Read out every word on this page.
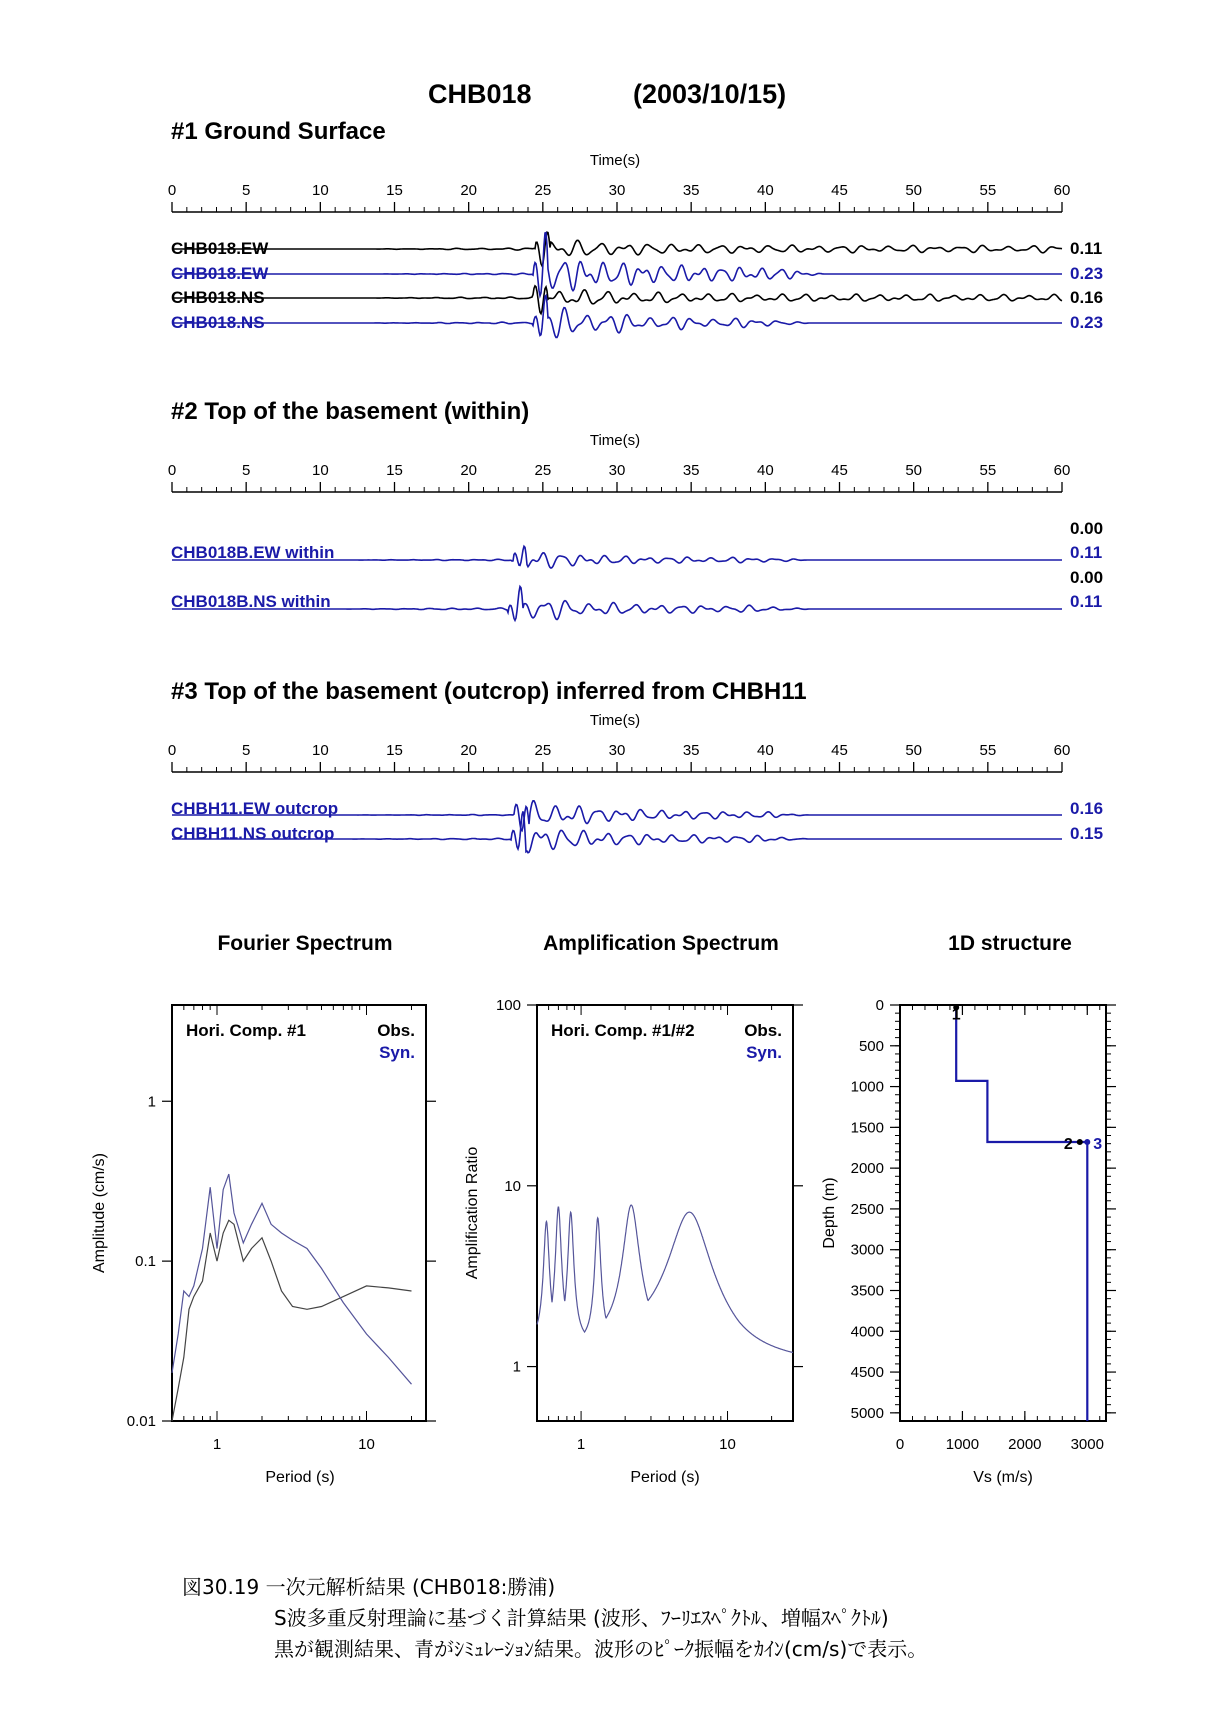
CHB018	(2003/10/15)
#1 Ground Surface
#2 Top of the basement (within)
#3 Top of the basement (outcrop) inferred from CHBH11
Time(s)
0	5	10	15	20	25	30	35	40	45	50	55	60
Time(s)
0	5	10	15	20	25	30	35	40	45	50	55	60
Time(s)
0	5	10	15	20	25	30	35	40	45	50	55	60
CHB018.EW
CHB018.EW
CHB018.NS
CHB018.NS
0.11
0.23
0.16
0.23
CHB018B.EW within
CHB018B.NS within
0.00
0.11
0.00
0.11
CHBH11.EW outcrop
CHBH11.NS outcrop
0.16
0.15
Fourier Spectrum	Amplification Spectrum	1D structure
1	10
0.01
0.1
1
Hori. Comp. #1	Obs.
Syn.
Period (s)
Amplitude (cm/s)
1	10
1
10
100
Hori. Comp. #1/#2	Obs.
Syn.
Period (s)
Amplification Ratio
0	1000 2000 3000
0
500
1000
1500
2000
2500
3000
3500
4000
4500
5000
1
2 3
Vs (m/s)
Depth (m)
図30.19 一次元解析結果 (CHB018:勝浦)
S波多重反射理論に基づく計算結果 (波形、ﾌｰﾘｴｽﾍﾟｸﾄﾙ、増幅ｽﾍﾟｸﾄﾙ)
黒が観測結果、青がｼﾐｭﾚｰｼｮﾝ結果。波形のﾋﾟｰｸ振幅をｶｲﾝ(cm/s)で表示。
